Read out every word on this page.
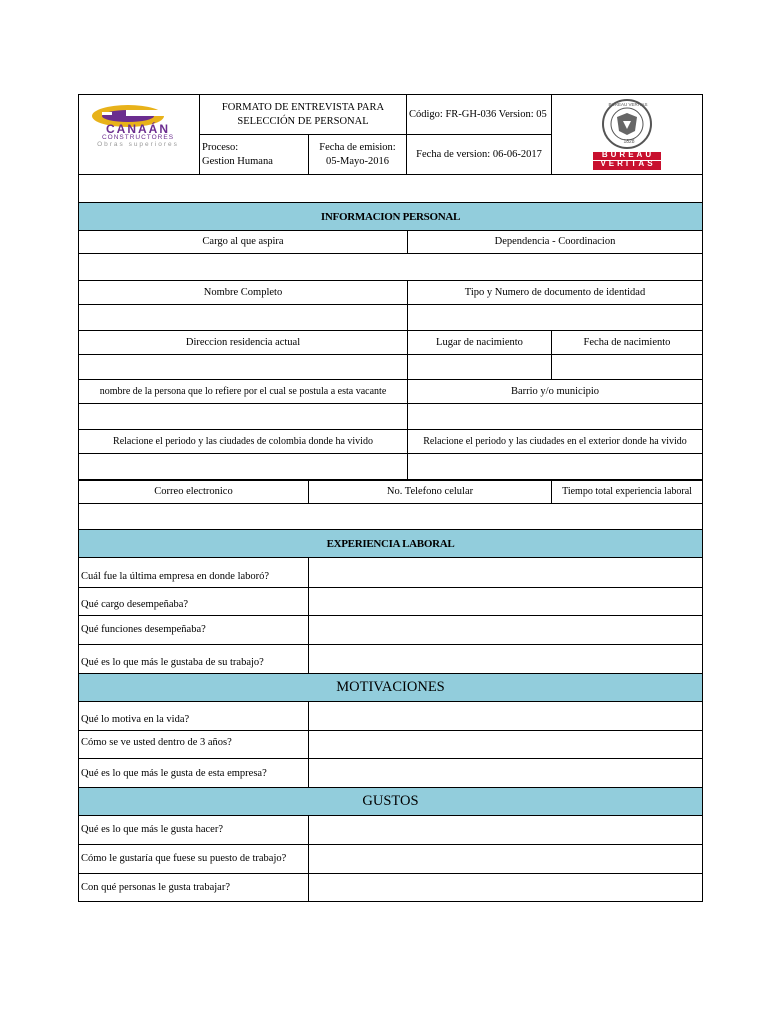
CANAÁN
CONSTRUCTORES
Obras superiores
FORMATO DE ENTREVISTA PARA SELECCIÓN DE PERSONAL
Código: FR-GH-036 Version: 05
Proceso:
Gestion Humana
Fecha de emision:
05-Mayo-2016
Fecha de version: 06-06-2017
1828
BUREAU
VERITAS
BUREAU VERITAS
INFORMACION PERSONAL
Cargo al que aspira	Dependencia - Coordinacion
Nombre Completo	Tipo y Numero de documento de identidad
Direccion residencia actual	Lugar de nacimiento	Fecha de nacimiento
nombre de la persona que lo refiere por el cual se postula a esta vacante	Barrio y/o municipio
Relacione el periodo y las ciudades de colombia donde ha vivido	Relacione el periodo y las ciudades en el exterior donde ha vivido
Correo electronico	No. Telefono celular	Tiempo total experiencia laboral
EXPERIENCIA LABORAL
Cuál fue la última empresa en donde laboró?
Qué cargo desempeñaba?
Qué funciones desempeñaba?
Qué es lo que más le gustaba de su trabajo?
MOTIVACIONES
Qué lo motiva en la vida?
Cómo se ve usted dentro de 3 años?
Qué es lo que más le gusta de esta empresa?
GUSTOS
Qué es lo que más le gusta hacer?
Cómo le gustaría que fuese su puesto de trabajo?
Con qué personas le gusta trabajar?
